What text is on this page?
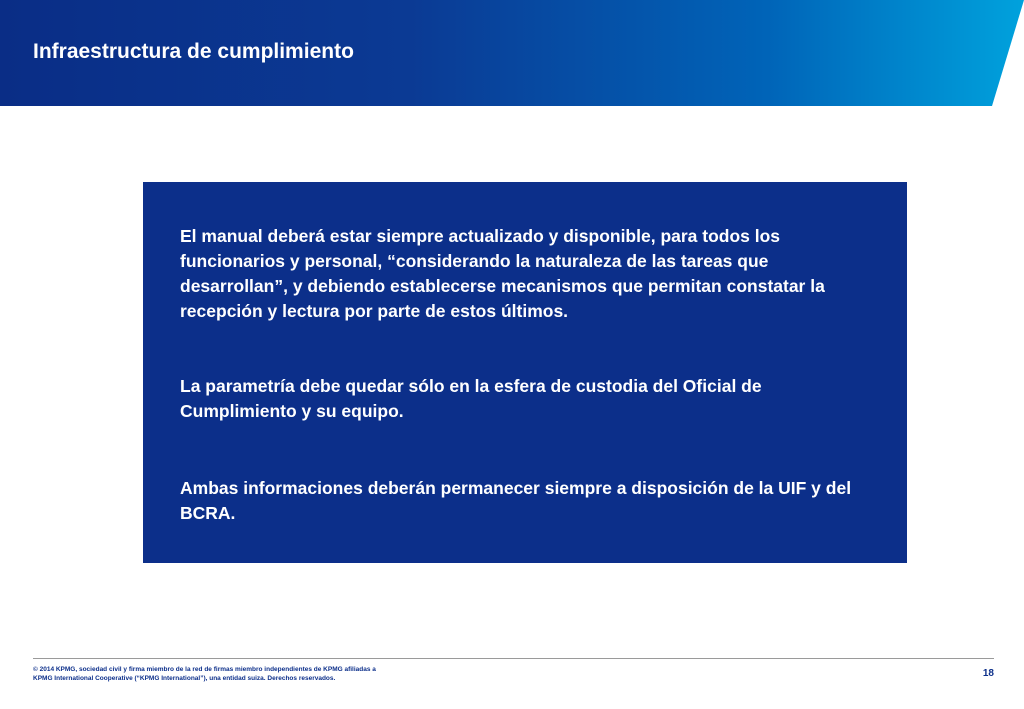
Infraestructura de cumplimiento

El manual deberá estar siempre actualizado y disponible, para todos los funcionarios y personal, “considerando la naturaleza de las tareas que desarrollan”, y debiendo establecerse mecanismos que permitan constatar la recepción y lectura por parte de estos últimos.

La parametría debe quedar sólo en la esfera de custodia del Oficial de Cumplimiento y su equipo.

Ambas informaciones deberán permanecer siempre a disposición de la UIF y del BCRA.

© 2014 KPMG, sociedad civil y firma miembro de la red de firmas miembro independientes de KPMG afiliadas a
KPMG International Cooperative (“KPMG International”), una entidad suiza. Derechos reservados.	18
